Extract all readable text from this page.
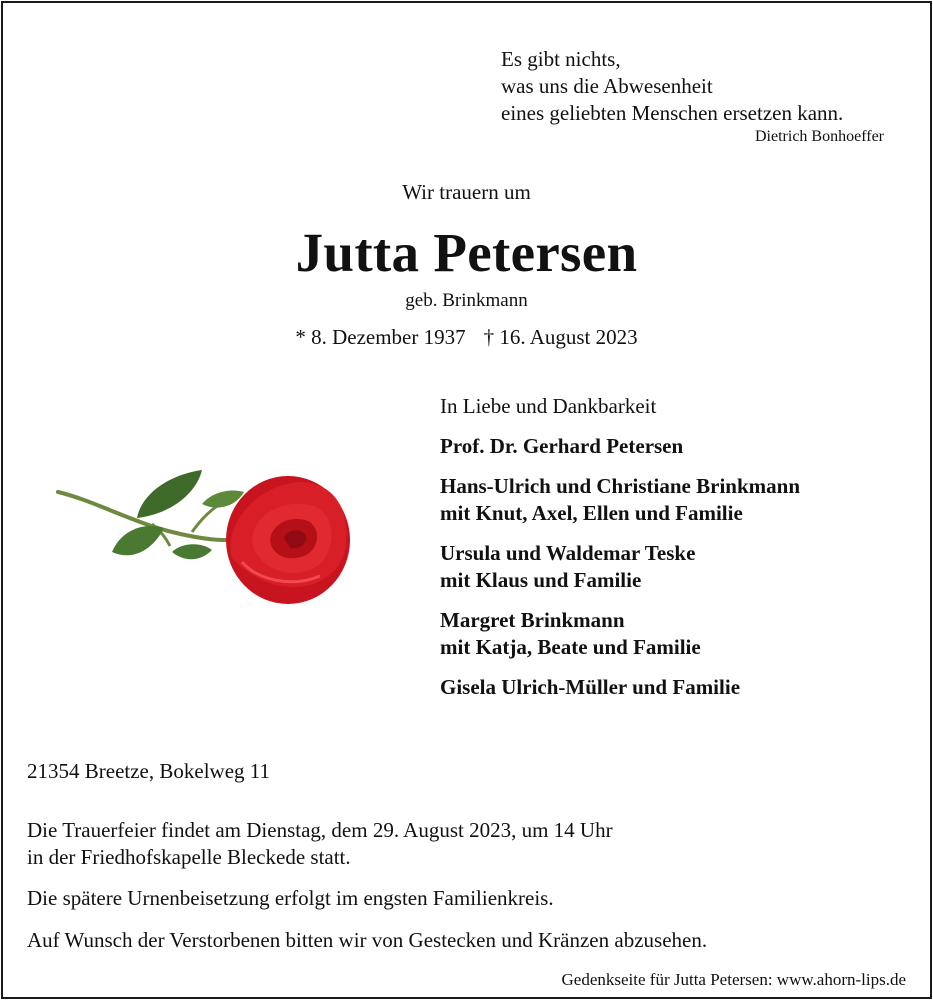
Es gibt nichts,
was uns die Abwesenheit
eines geliebten Menschen ersetzen kann.
Dietrich Bonhoeffer
Wir trauern um
Jutta Petersen
geb. Brinkmann
* 8. Dezember 1937 † 16. August 2023
In Liebe und Dankbarkeit
Prof. Dr. Gerhard Petersen
Hans-Ulrich und Christiane Brinkmann
mit Knut, Axel, Ellen und Familie
Ursula und Waldemar Teske
mit Klaus und Familie
Margret Brinkmann
mit Katja, Beate und Familie
Gisela Ulrich-Müller und Familie
21354 Breetze, Bokelweg 11
Die Trauerfeier findet am Dienstag, dem 29. August 2023, um 14 Uhr
in der Friedhofskapelle Bleckede statt.
Die spätere Urnenbeisetzung erfolgt im engsten Familienkreis.
Auf Wunsch der Verstorbenen bitten wir von Gestecken und Kränzen abzusehen.
Gedenkseite für Jutta Petersen: www.ahorn-lips.de
